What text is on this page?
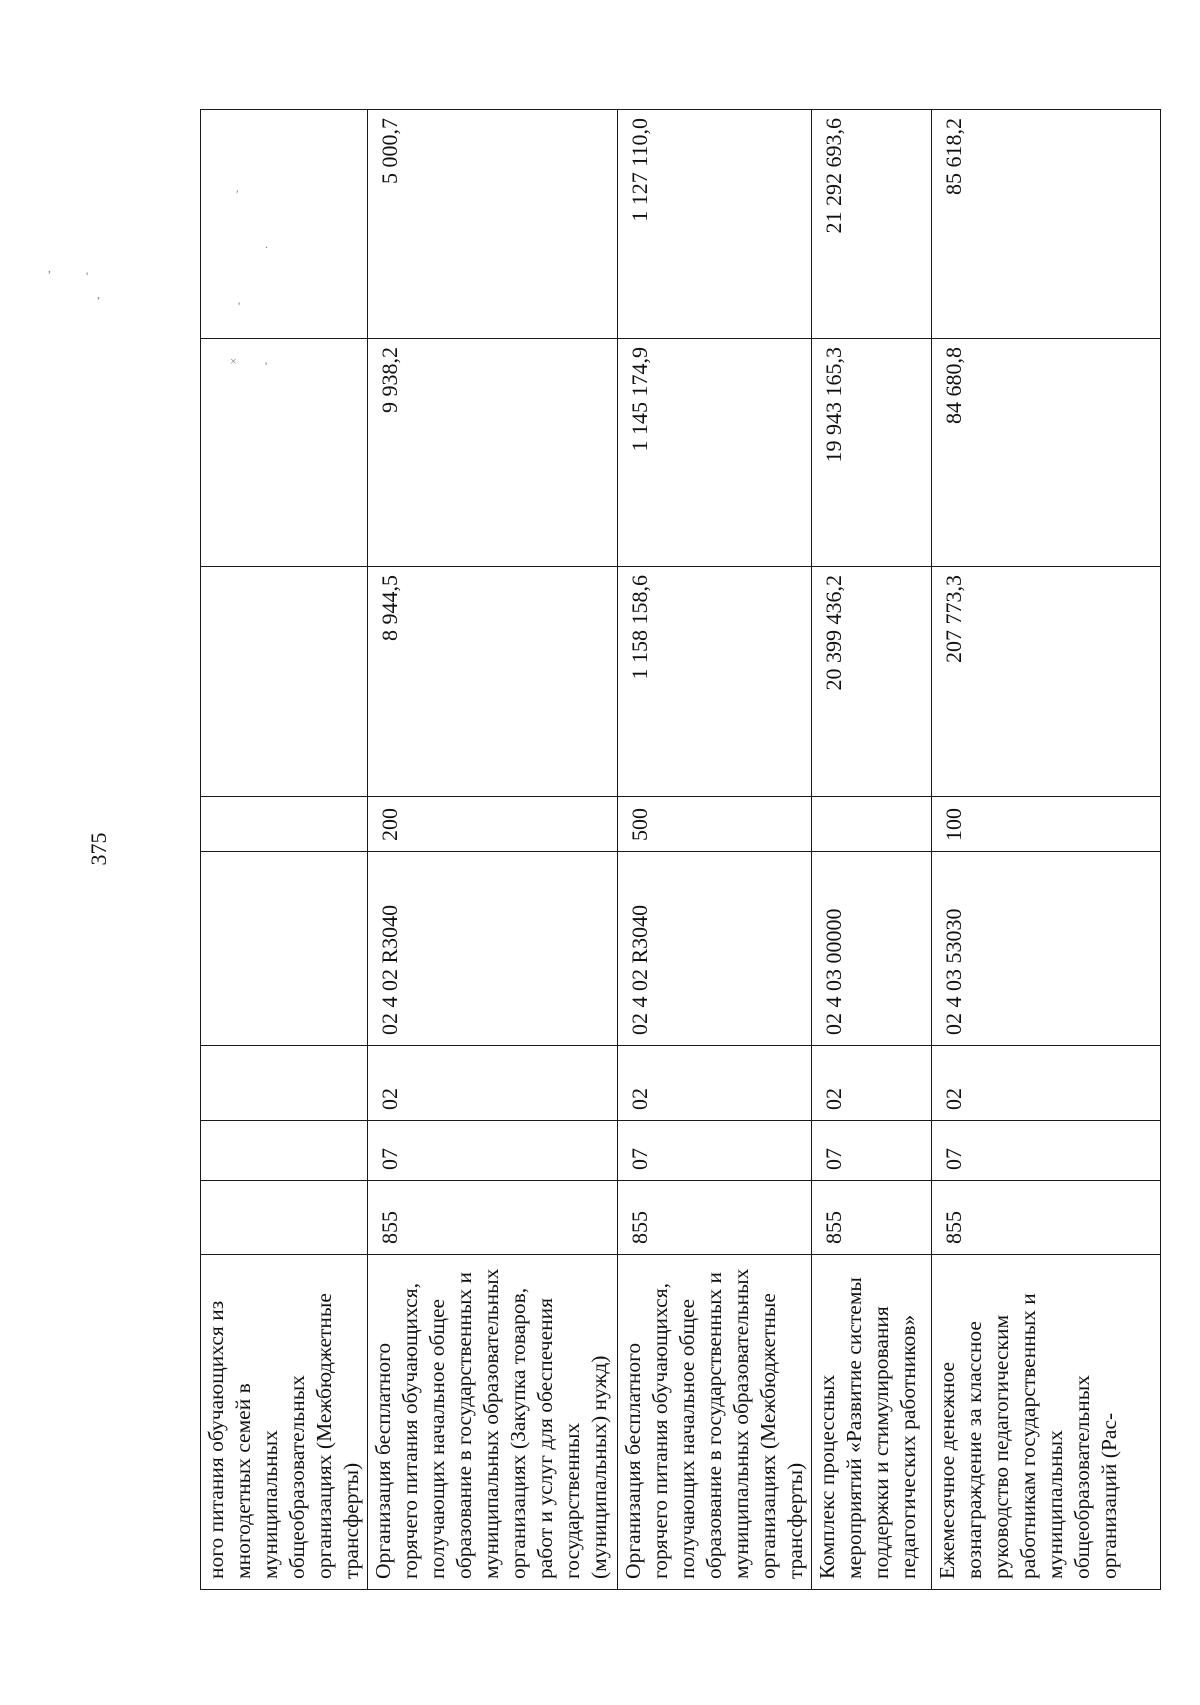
375
,
'
,
′
'
×
.
'
ного питания обучающихся из многодетных семей в муниципальных общеобразовательных организациях (Межбюджетные трансферты)								
Организация бесплатного горячего питания обучающихся, получающих начальное общее образование в государственных и муниципальных образовательных организациях (Закупка товаров, работ и услуг для обеспечения государственных (муниципальных) нужд)	855	07	02	02 4 02 R3040	200	8 944,5	9 938,2	5 000,7
Организация бесплатного горячего питания обучающихся, получающих начальное общее образование в государственных и муниципальных образовательных организациях (Межбюджетные трансферты)	855	07	02	02 4 02 R3040	500	1 158 158,6	1 145 174,9	1 127 110,0
Комплекс процессных мероприятий «Развитие системы поддержки и стимулирования педагогических работников»	855	07	02	02 4 03 00000		20 399 436,2	19 943 165,3	21 292 693,6
Ежемесячное денежное вознаграждение за классное руководство педагогическим работникам государственных и муниципальных общеобразовательных организаций (Рас-	855	07	02	02 4 03 53030	100	207 773,3	84 680,8	85 618,2
